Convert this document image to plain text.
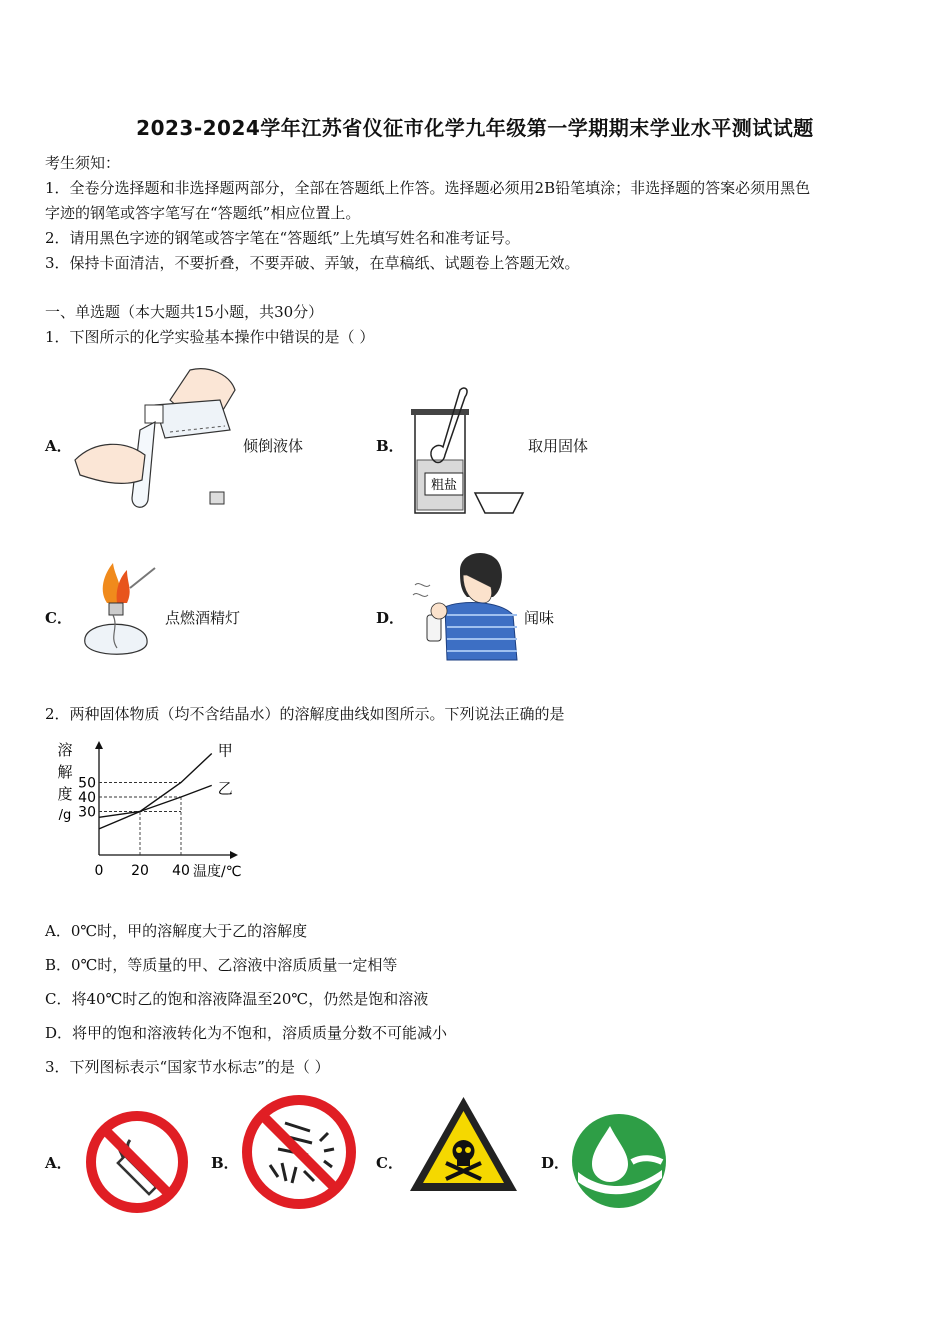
2023-2024学年江苏省仪征市化学九年级第一学期期末学业水平测试试题
考生须知：
1．全卷分选择题和非选择题两部分，全部在答题纸上作答。选择题必须用2B铅笔填涂；非选择题的答案必须用黑色
字迹的钢笔或答字笔写在“答题纸”相应位置上。
2．请用黑色字迹的钢笔或答字笔在“答题纸”上先填写姓名和准考证号。
3．保持卡面清洁，不要折叠，不要弄破、弄皱，在草稿纸、试题卷上答题无效。
一、单选题（本大题共15小题，共30分）
1．下图所示的化学实验基本操作中错误的是（ ）
A．	倾倒液体	B．
粗盐
取用固体
C．	点燃酒精灯	D．	闻味
2．两种固体物质（均不含结晶水）的溶解度曲线如图所示。下列说法正确的是
溶
解
度
/g
甲
乙
0 20 40
30
40
50
温度/℃
A．0℃时，甲的溶解度大于乙的溶解度
B．0℃时，等质量的甲、乙溶液中溶质质量一定相等
C．将40℃时乙的饱和溶液降温至20℃，仍然是饱和溶液
D．将甲的饱和溶液转化为不饱和，溶质质量分数不可能减小
3．下列图标表示“国家节水标志”的是（ ）
A．	B．	C．	D．
